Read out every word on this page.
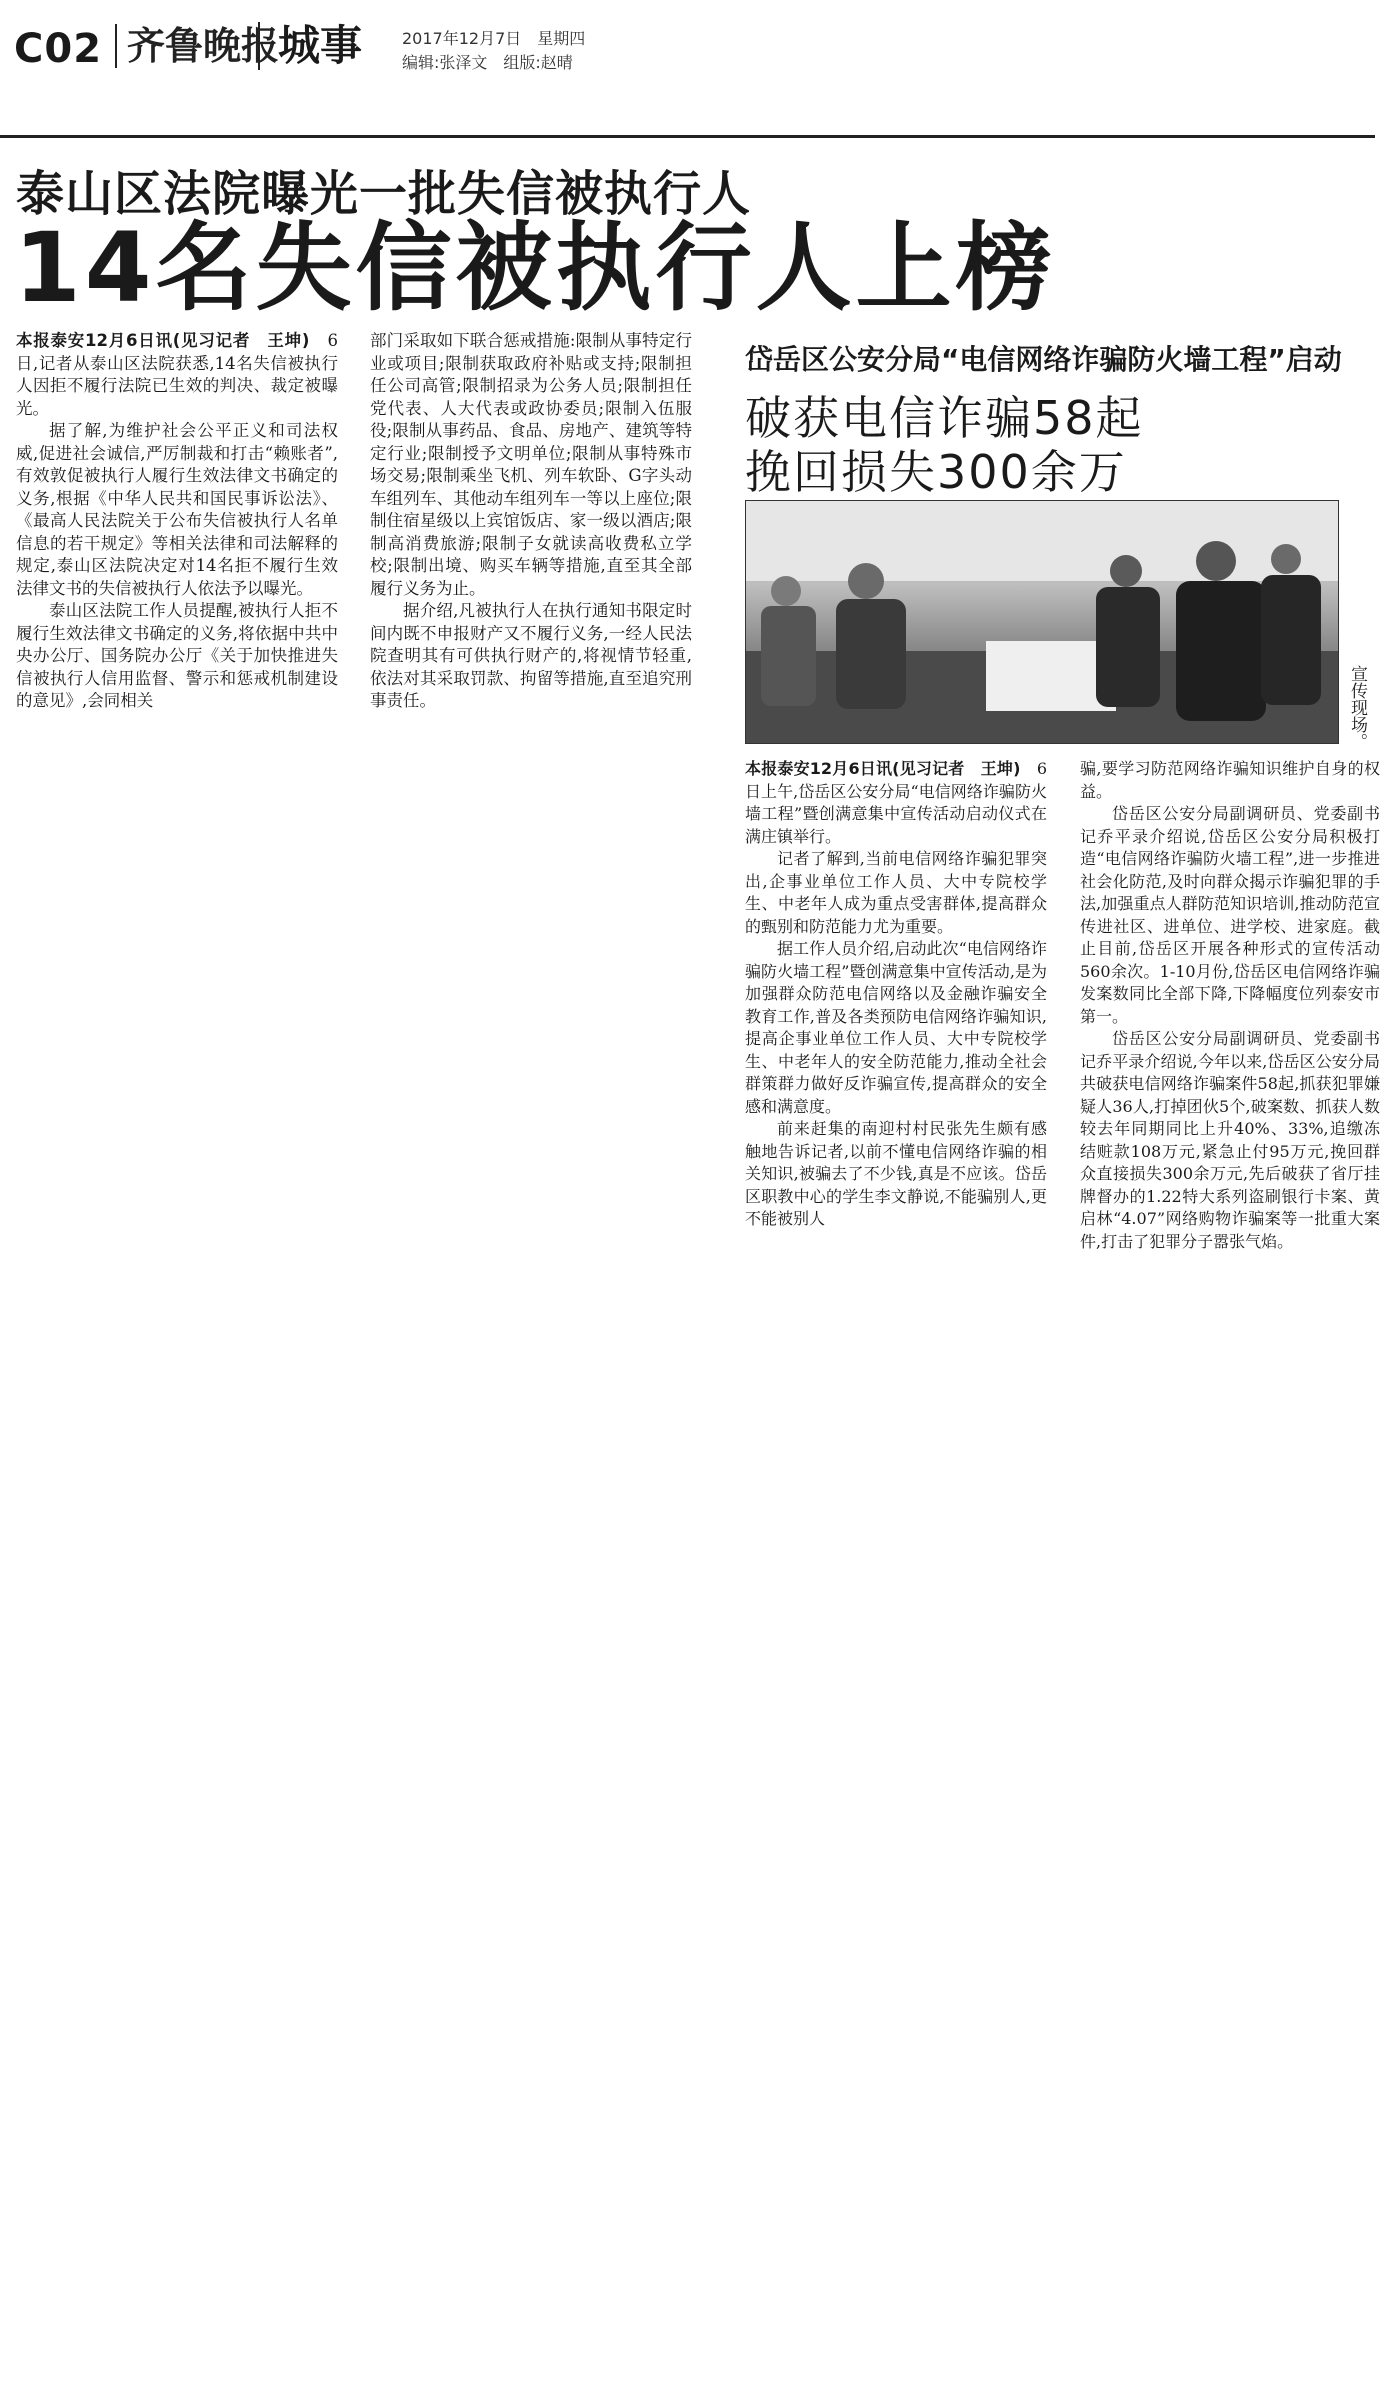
C02 齐鲁晚报
城事 2017年12月7日　星期四
编辑:张泽文　组版:赵晴
泰山区法院曝光一批失信被执行人
14名失信被执行人上榜

本报泰安12月6日讯(见习记者　王坤)　 6日,记者从泰山区法院获悉,14名失信被执行人因拒不履行法院已生效的判决、裁定被曝光。

据了解,为维护社会公平正义和司法权威,促进社会诚信,严厉制裁和打击“赖账者”,有效敦促被执行人履行生效法律文书确定的义务,根据《中华人民共和国民事诉讼法》、《最高人民法院关于公布失信被执行人名单信息的若干规定》等相关法律和司法解释的规定,泰山区法院决定对14名拒不履行生效法律文书的失信被执行人依法予以曝光。

泰山区法院工作人员提醒,被执行人拒不履行生效法律文书确定的义务,将依据中共中央办公厅、国务院办公厅《关于加快推进失信被执行人信用监督、警示和惩戒机制建设的意见》,会同相关

部门采取如下联合惩戒措施:限制从事特定行业或项目;限制获取政府补贴或支持;限制担任公司高管;限制招录为公务人员;限制担任党代表、人大代表或政协委员;限制入伍服役;限制从事药品、食品、房地产、建筑等特定行业;限制授予文明单位;限制从事特殊市场交易;限制乘坐飞机、列车软卧、G字头动车组列车、其他动车组列车一等以上座位;限制住宿星级以上宾馆饭店、家一级以酒店;限制高消费旅游;限制子女就读高收费私立学校;限制出境、购买车辆等措施,直至其全部履行义务为止。

据介绍,凡被执行人在执行通知书限定时间内既不申报财产又不履行义务,一经人民法院查明其有可供执行财产的,将视情节轻重,依法对其采取罚款、拘留等措施,直至追究刑事责任。

岱岳区公安分局“电信网络诈骗防火墙工程”启动
破获电信诈骗58起
挽回损失300余万
宣传现场。

本报泰安12月6日讯(见习记者　王坤)　 6日上午,岱岳区公安分局“电信网络诈骗防火墙工程”暨创满意集中宣传活动启动仪式在满庄镇举行。

记者了解到,当前电信网络诈骗犯罪突出,企事业单位工作人员、大中专院校学生、中老年人成为重点受害群体,提高群众的甄别和防范能力尤为重要。

据工作人员介绍,启动此次“电信网络诈骗防火墙工程”暨创满意集中宣传活动,是为加强群众防范电信网络以及金融诈骗安全教育工作,普及各类预防电信网络诈骗知识,提高企事业单位工作人员、大中专院校学生、中老年人的安全防范能力,推动全社会群策群力做好反诈骗宣传,提高群众的安全感和满意度。

前来赶集的南迎村村民张先生颇有感触地告诉记者,以前不懂电信网络诈骗的相关知识,被骗去了不少钱,真是不应该。岱岳区职教中心的学生李文静说,不能骗别人,更不能被别人

骗,要学习防范网络诈骗知识维护自身的权益。

岱岳区公安分局副调研员、党委副书记乔平录介绍说,岱岳区公安分局积极打造“电信网络诈骗防火墙工程”,进一步推进社会化防范,及时向群众揭示诈骗犯罪的手法,加强重点人群防范知识培训,推动防范宣传进社区、进单位、进学校、进家庭。截止目前,岱岳区开展各种形式的宣传活动560余次。1-10月份,岱岳区电信网络诈骗发案数同比全部下降,下降幅度位列泰安市第一。

岱岳区公安分局副调研员、党委副书记乔平录介绍说,今年以来,岱岳区公安分局共破获电信网络诈骗案件58起,抓获犯罪嫌疑人36人,打掉团伙5个,破案数、抓获人数较去年同期同比上升40%、33%,追缴冻结赃款108万元,紧急止付95万元,挽回群众直接损失300余万元,先后破获了省厅挂牌督办的1.22特大系列盗刷银行卡案、黄启林“4.07”网络购物诈骗案等一批重大案件,打击了犯罪分子嚣张气焰。
